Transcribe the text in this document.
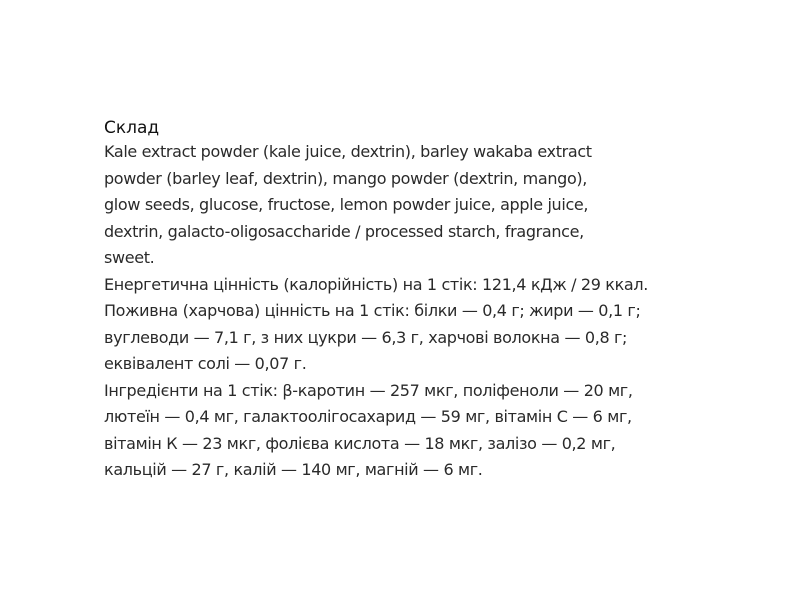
Склад

Kale extract powder (kale juice, dextrin), barley wakaba extract
powder (barley leaf, dextrin), mango powder (dextrin, mango),
glow seeds, glucose, fructose, lemon powder juice, apple juice,
dextrin, galacto-oligosaccharide / processed starch, fragrance,
sweet.

Енергетична цінність (калорійність) на 1 стік: 121,4 кДж / 29 ккал.

Поживна (харчова) цінність на 1 стік: білки — 0,4 г; жири — 0,1 г;
вуглеводи — 7,1 г, з них цукри — 6,3 г, харчові волокна — 0,8 г;
еквівалент солі — 0,07 г.

Інгредієнти на 1 стік: β-каротин — 257 мкг, поліфеноли — 20 мг,
лютеїн — 0,4 мг, галактоолігосахарид — 59 мг, вітамін С — 6 мг,
вітамін К — 23 мкг, фолієва кислота — 18 мкг, залізо — 0,2 мг,
кальцій — 27 г, калій — 140 мг, магній — 6 мг.
